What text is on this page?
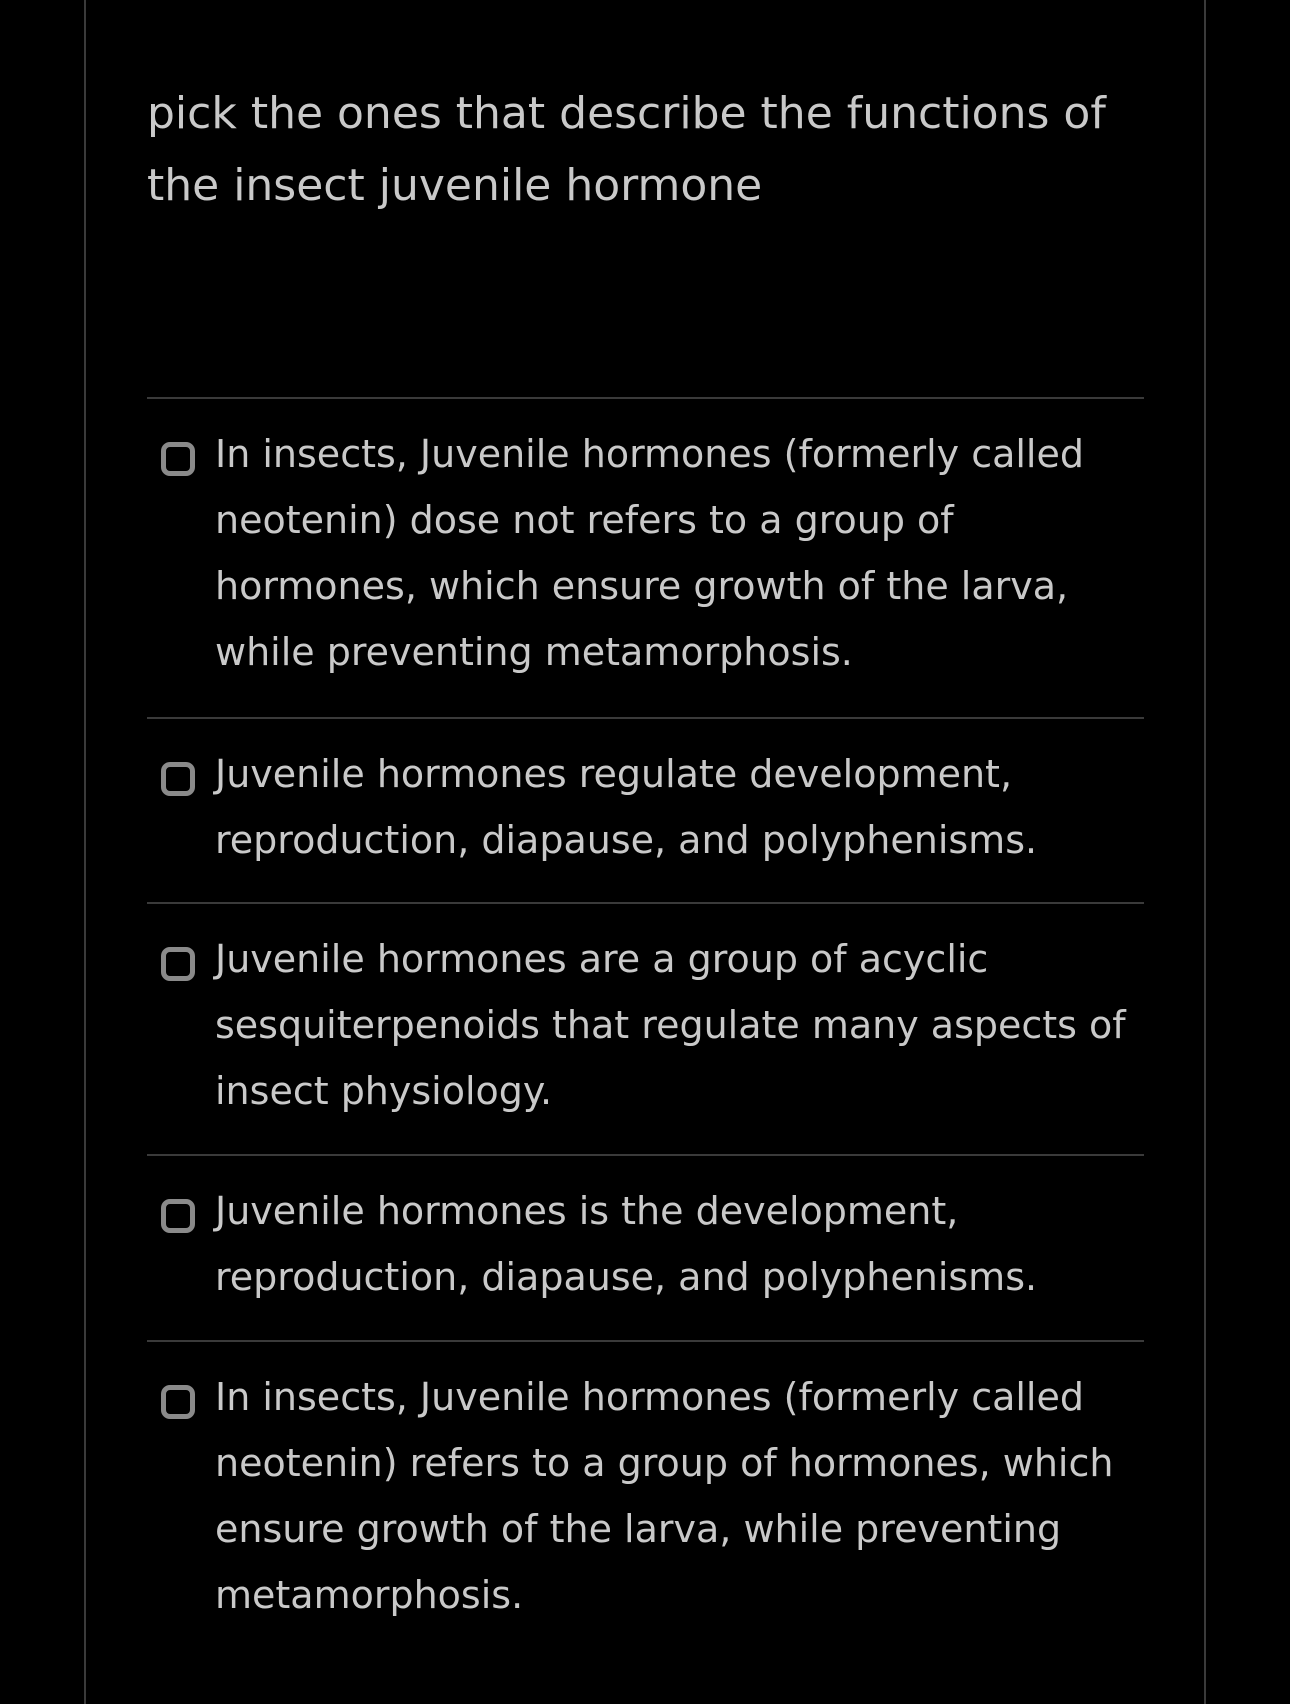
pick the ones that describe the functions of the insect juvenile hormone
In insects, Juvenile hormones (formerly called neotenin) dose not refers to a group of hormones, which ensure growth of the larva, while preventing metamorphosis.
Juvenile hormones regulate development, reproduction, diapause, and polyphenisms.
Juvenile hormones are a group of acyclic sesquiterpenoids that regulate many aspects of insect physiology.
Juvenile hormones is the development, reproduction, diapause, and polyphenisms.
In insects, Juvenile hormones (formerly called neotenin) refers to a group of hormones, which ensure growth of the larva, while preventing metamorphosis.
